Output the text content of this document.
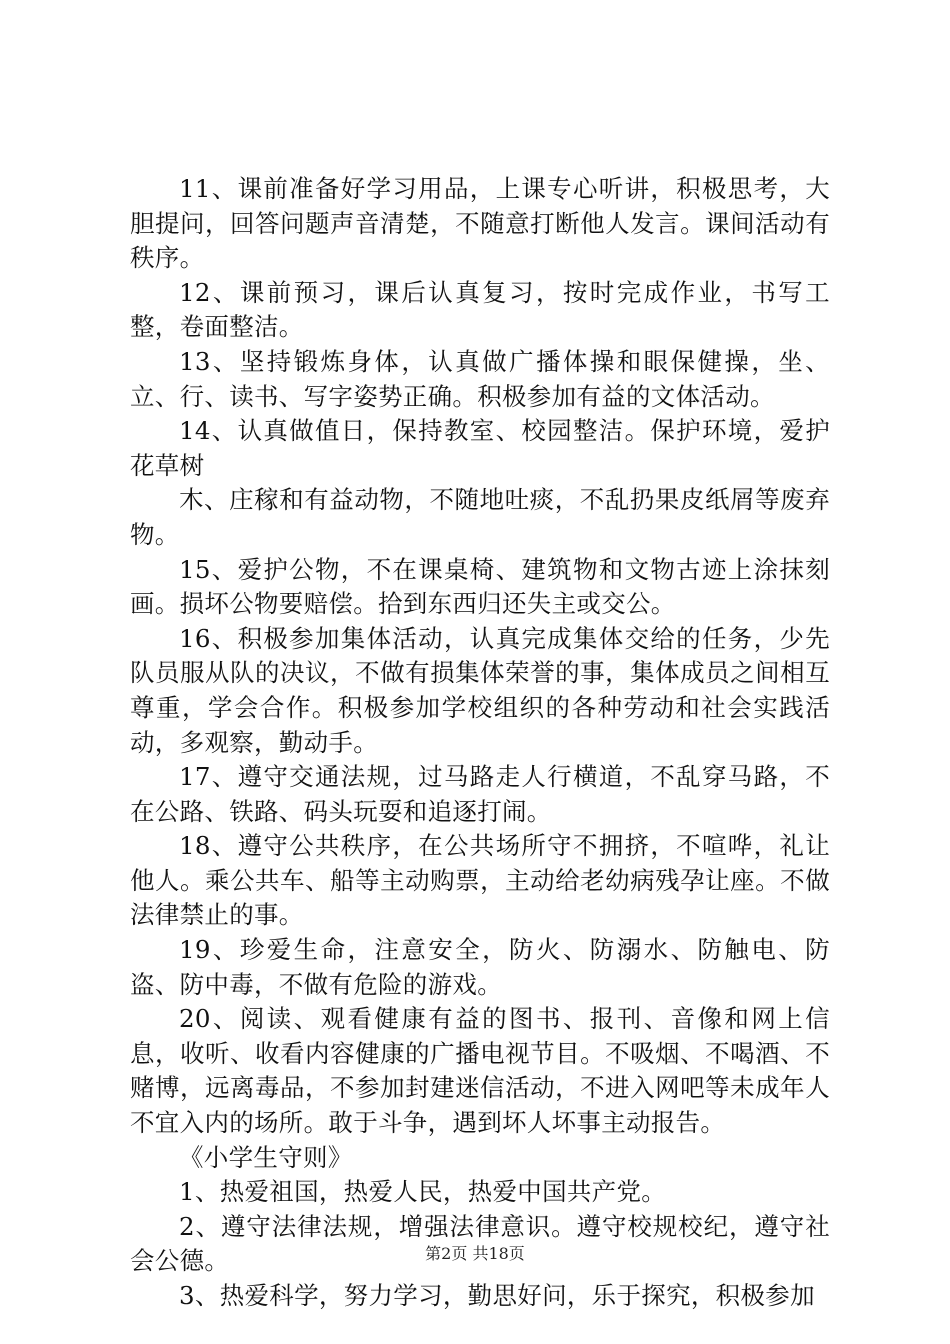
11、课前准备好学习用品，上课专心听讲，积极思考，大胆提问，回答问题声音清楚，不随意打断他人发言。课间活动有秩序。

12、课前预习，课后认真复习，按时完成作业，书写工整，卷面整洁。

13、坚持锻炼身体，认真做广播体操和眼保健操，坐、立、行、读书、写字姿势正确。积极参加有益的文体活动。

14、认真做值日，保持教室、校园整洁。保护环境，爱护花草树

木、庄稼和有益动物，不随地吐痰，不乱扔果皮纸屑等废弃物。

15、爱护公物，不在课桌椅、建筑物和文物古迹上涂抹刻画。损坏公物要赔偿。拾到东西归还失主或交公。

16、积极参加集体活动，认真完成集体交给的任务，少先队员服从队的决议，不做有损集体荣誉的事，集体成员之间相互尊重，学会合作。积极参加学校组织的各种劳动和社会实践活动，多观察，勤动手。

17、遵守交通法规，过马路走人行横道，不乱穿马路，不在公路、铁路、码头玩耍和追逐打闹。

18、遵守公共秩序，在公共场所守不拥挤，不喧哗，礼让他人。乘公共车、船等主动购票，主动给老幼病残孕让座。不做法律禁止的事。

19、珍爱生命，注意安全，防火、防溺水、防触电、防盗、防中毒，不做有危险的游戏。

20、阅读、观看健康有益的图书、报刊、音像和网上信息，收听、收看内容健康的广播电视节目。不吸烟、不喝酒、不赌博，远离毒品，不参加封建迷信活动，不进入网吧等未成年人不宜入内的场所。敢于斗争，遇到坏人坏事主动报告。

《小学生守则》

1、热爱祖国，热爱人民，热爱中国共产党。

2、遵守法律法规，增强法律意识。遵守校规校纪，遵守社会公德。

3、热爱科学，努力学习，勤思好问，乐于探究，积极参加

第2页 共18页
